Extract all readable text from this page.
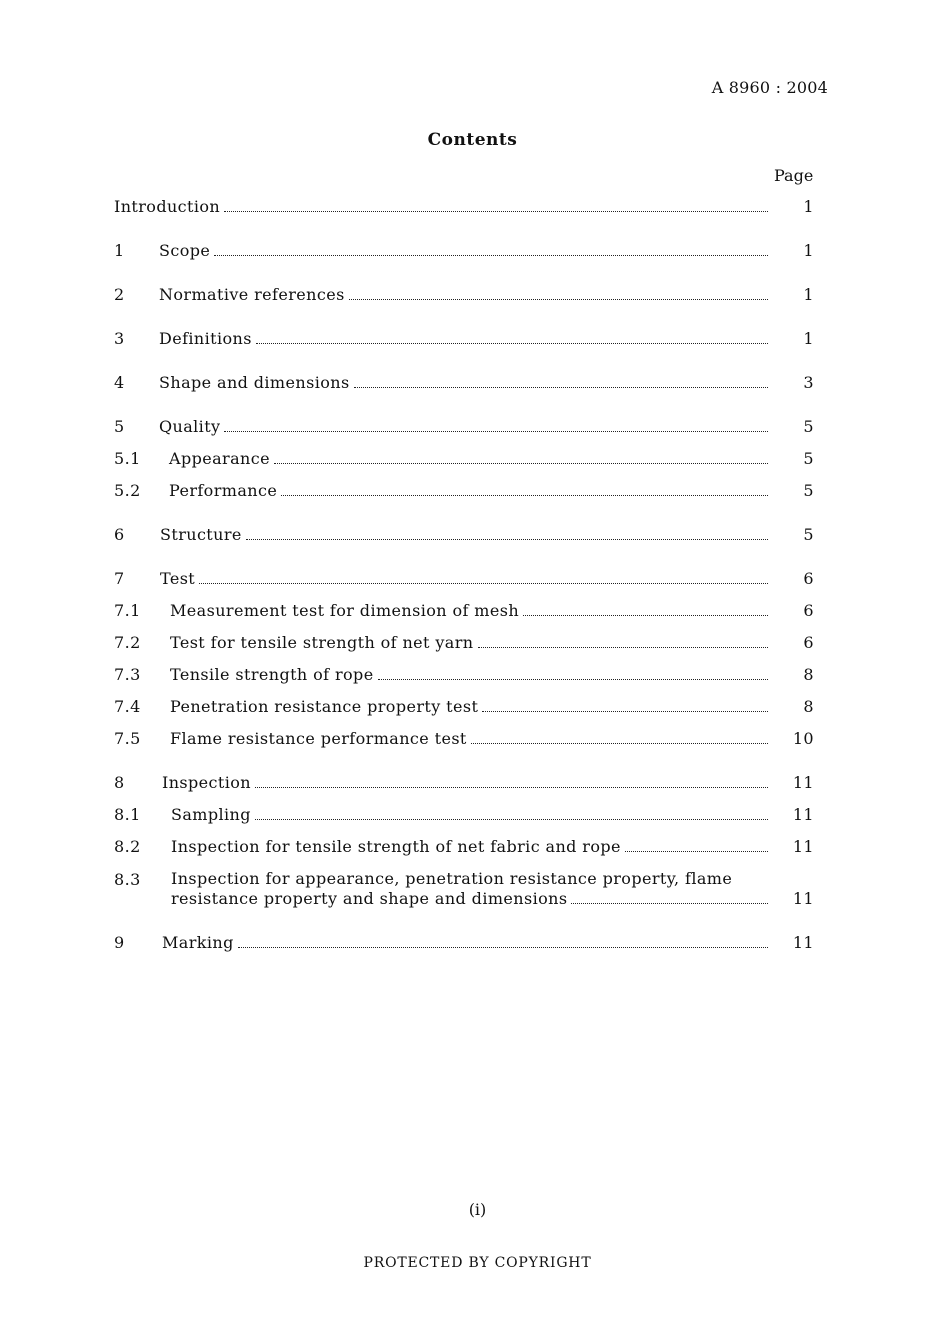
A 8960 : 2004
Contents
Page
Introduction	1
1 Scope	1
2 Normative references	1
3 Definitions	1
4 Shape and dimensions	3
5 Quality	5
5.1 Appearance	5
5.2 Performance	5
6 Structure	5
7 Test	6
7.1 Measurement test for dimension of mesh	6
7.2 Test for tensile strength of net yarn	6
7.3 Tensile strength of rope	8
7.4 Penetration resistance property test	8
7.5 Flame resistance performance test	10
8 Inspection	11
8.1 Sampling	11
8.2 Inspection for tensile strength of net fabric and rope	11
8.3 Inspection for appearance, penetration resistance property, flame
resistance property and shape and dimensions	11
9 Marking	11
(i)
PROTECTED BY COPYRIGHT
